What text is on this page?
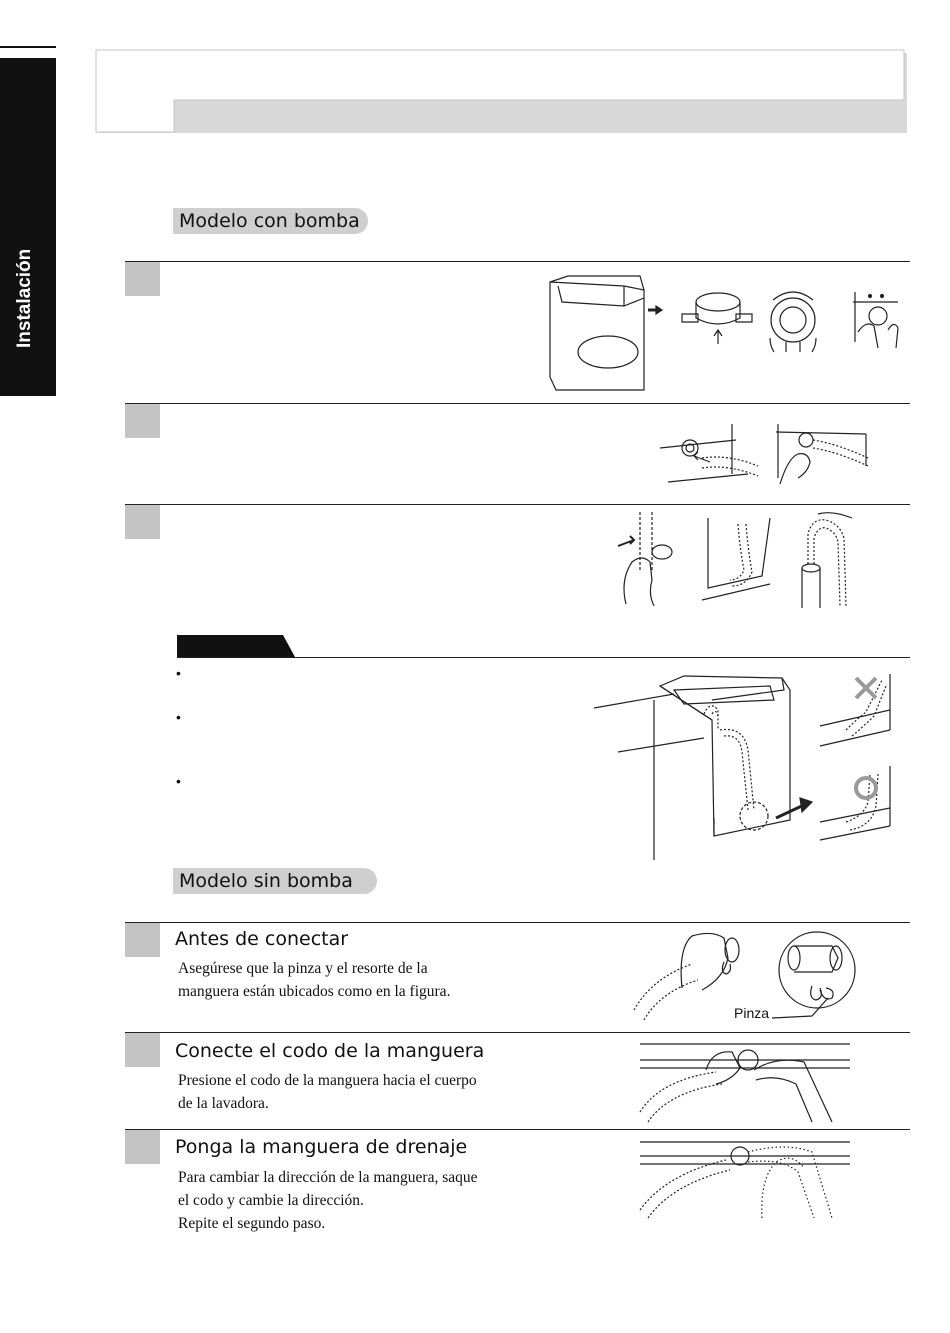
Instalación
Modelo con bomba
•
•
•
Modelo sin bomba
Antes de conectar
Asegúrese que la pinza y el resorte de la
manguera están ubicados como en la figura.
Pinza
Conecte el codo de la manguera
Presione el codo de la manguera hacia el cuerpo
de la lavadora.
Ponga la manguera de drenaje
Para cambiar la dirección de la manguera, saque
el codo y cambie la dirección.
Repite el segundo paso.
